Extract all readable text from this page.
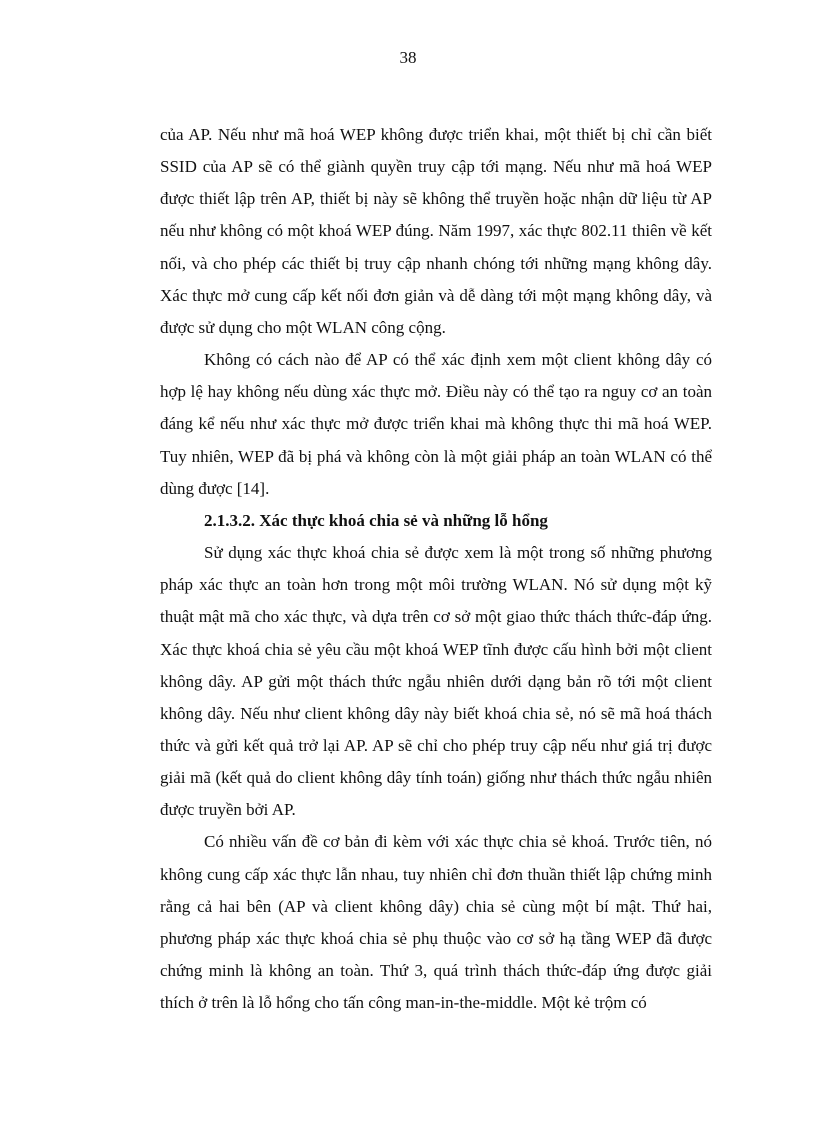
38

của AP. Nếu như mã hoá WEP không được triển khai, một thiết bị chỉ cần biết SSID của AP sẽ có thể giành quyền truy cập tới mạng. Nếu như mã hoá WEP được thiết lập trên AP, thiết bị này sẽ không thể truyền hoặc nhận dữ liệu từ AP nếu như không có một khoá WEP đúng. Năm 1997, xác thực 802.11 thiên về kết nối, và cho phép các thiết bị truy cập nhanh chóng tới những mạng không dây. Xác thực mở cung cấp kết nối đơn giản và dễ dàng tới một mạng không dây, và được sử dụng cho một WLAN công cộng.

Không có cách nào để AP có thể xác định xem một client không dây có hợp lệ hay không nếu dùng xác thực mở. Điều này có thể tạo ra nguy cơ an toàn đáng kể nếu như xác thực mở được triển khai mà không thực thi mã hoá WEP. Tuy nhiên, WEP đã bị phá và không còn là một giải pháp an toàn WLAN có thể dùng được [14].

2.1.3.2. Xác thực khoá chia sẻ và những lỗ hổng

Sử dụng xác thực khoá chia sẻ được xem là một trong số những phương pháp xác thực an toàn hơn trong một môi trường WLAN. Nó sử dụng một kỹ thuật mật mã cho xác thực, và dựa trên cơ sở một giao thức thách thức-đáp ứng. Xác thực khoá chia sẻ yêu cầu một khoá WEP tĩnh được cấu hình bởi một client không dây. AP gửi một thách thức ngẫu nhiên dưới dạng bản rõ tới một client không dây. Nếu như client không dây này biết khoá chia sẻ, nó sẽ mã hoá thách thức và gửi kết quả trở lại AP. AP sẽ chỉ cho phép truy cập nếu như giá trị được giải mã (kết quả do client không dây tính toán) giống như thách thức ngẫu nhiên được truyền bởi AP.

Có nhiều vấn đề cơ bản đi kèm với xác thực chia sẻ khoá. Trước tiên, nó không cung cấp xác thực lẫn nhau, tuy nhiên chỉ đơn thuần thiết lập chứng minh rằng cả hai bên (AP và client không dây) chia sẻ cùng một bí mật. Thứ hai, phương pháp xác thực khoá chia sẻ phụ thuộc vào cơ sở hạ tầng WEP đã được chứng minh là không an toàn. Thứ 3, quá trình thách thức-đáp ứng được giải thích ở trên là lỗ hổng cho tấn công man-in-the-middle. Một kẻ trộm có
